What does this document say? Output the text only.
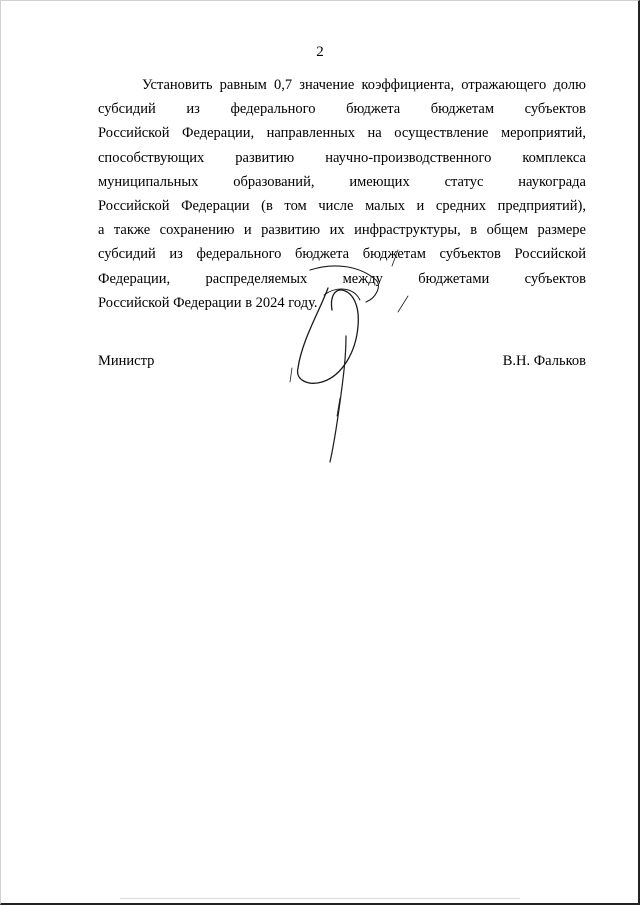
2
Установить равным 0,7 значение коэффициента, отражающего долю
субсидий из федерального бюджета бюджетам субъектов
Российской Федерации, направленных на осуществление мероприятий,
способствующих развитию научно-производственного комплекса
муниципальных образований, имеющих статус наукограда
Российской Федерации (в том числе малых и средних предприятий),
а также сохранению и развитию их инфраструктуры, в общем размере
субсидий из федерального бюджета бюджетам субъектов Российской
Федерации, распределяемых между бюджетами субъектов
Российской Федерации в 2024 году.
Министр	В.Н. Фальков
